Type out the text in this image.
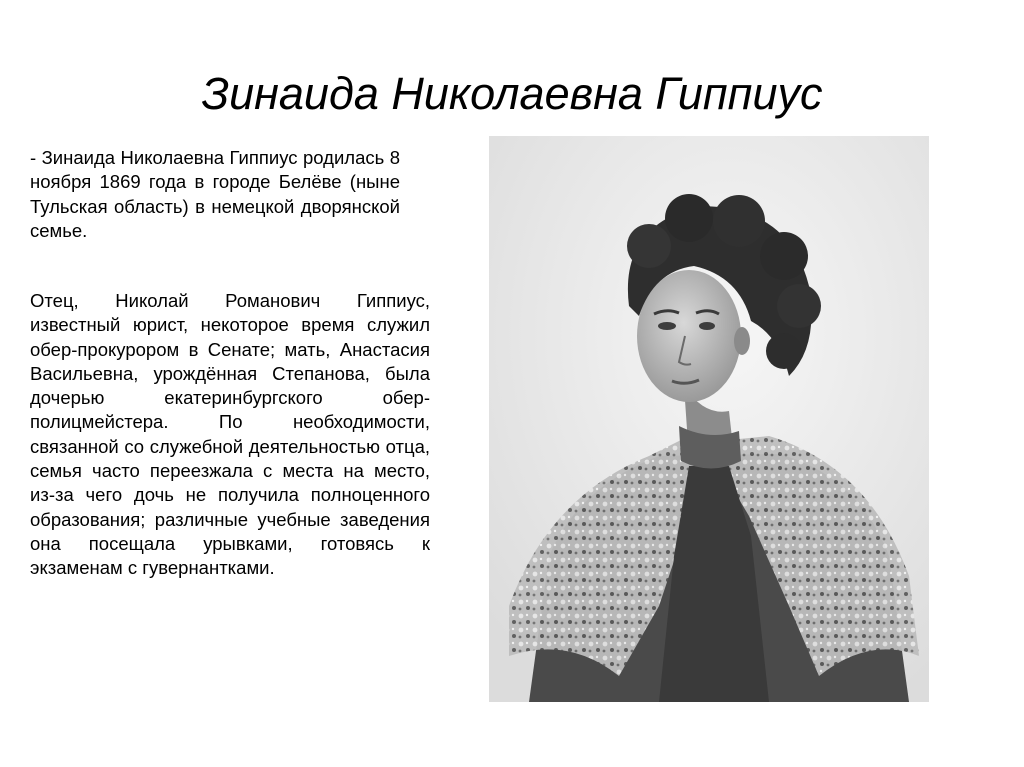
Зинаида Николаевна Гиппиус

- Зинаида Николаевна Гиппиус родилась 8 ноября 1869 года в городе Белёве (ныне Тульская область) в немецкой дворянской семье.

Отец, Николай Романович Гиппиус, известный юрист, некоторое время служил обер-прокурором в Сенате; мать, Анастасия Васильевна, урождённая Степанова, была дочерью екатеринбургского обер-полицмейстера. По необходимости, связанной со служебной деятельностью отца, семья часто переезжала с места на место, из-за чего дочь не получила полноценного образования; различные учебные заведения она посещала урывками, готовясь к экзаменам с гувернантками.
